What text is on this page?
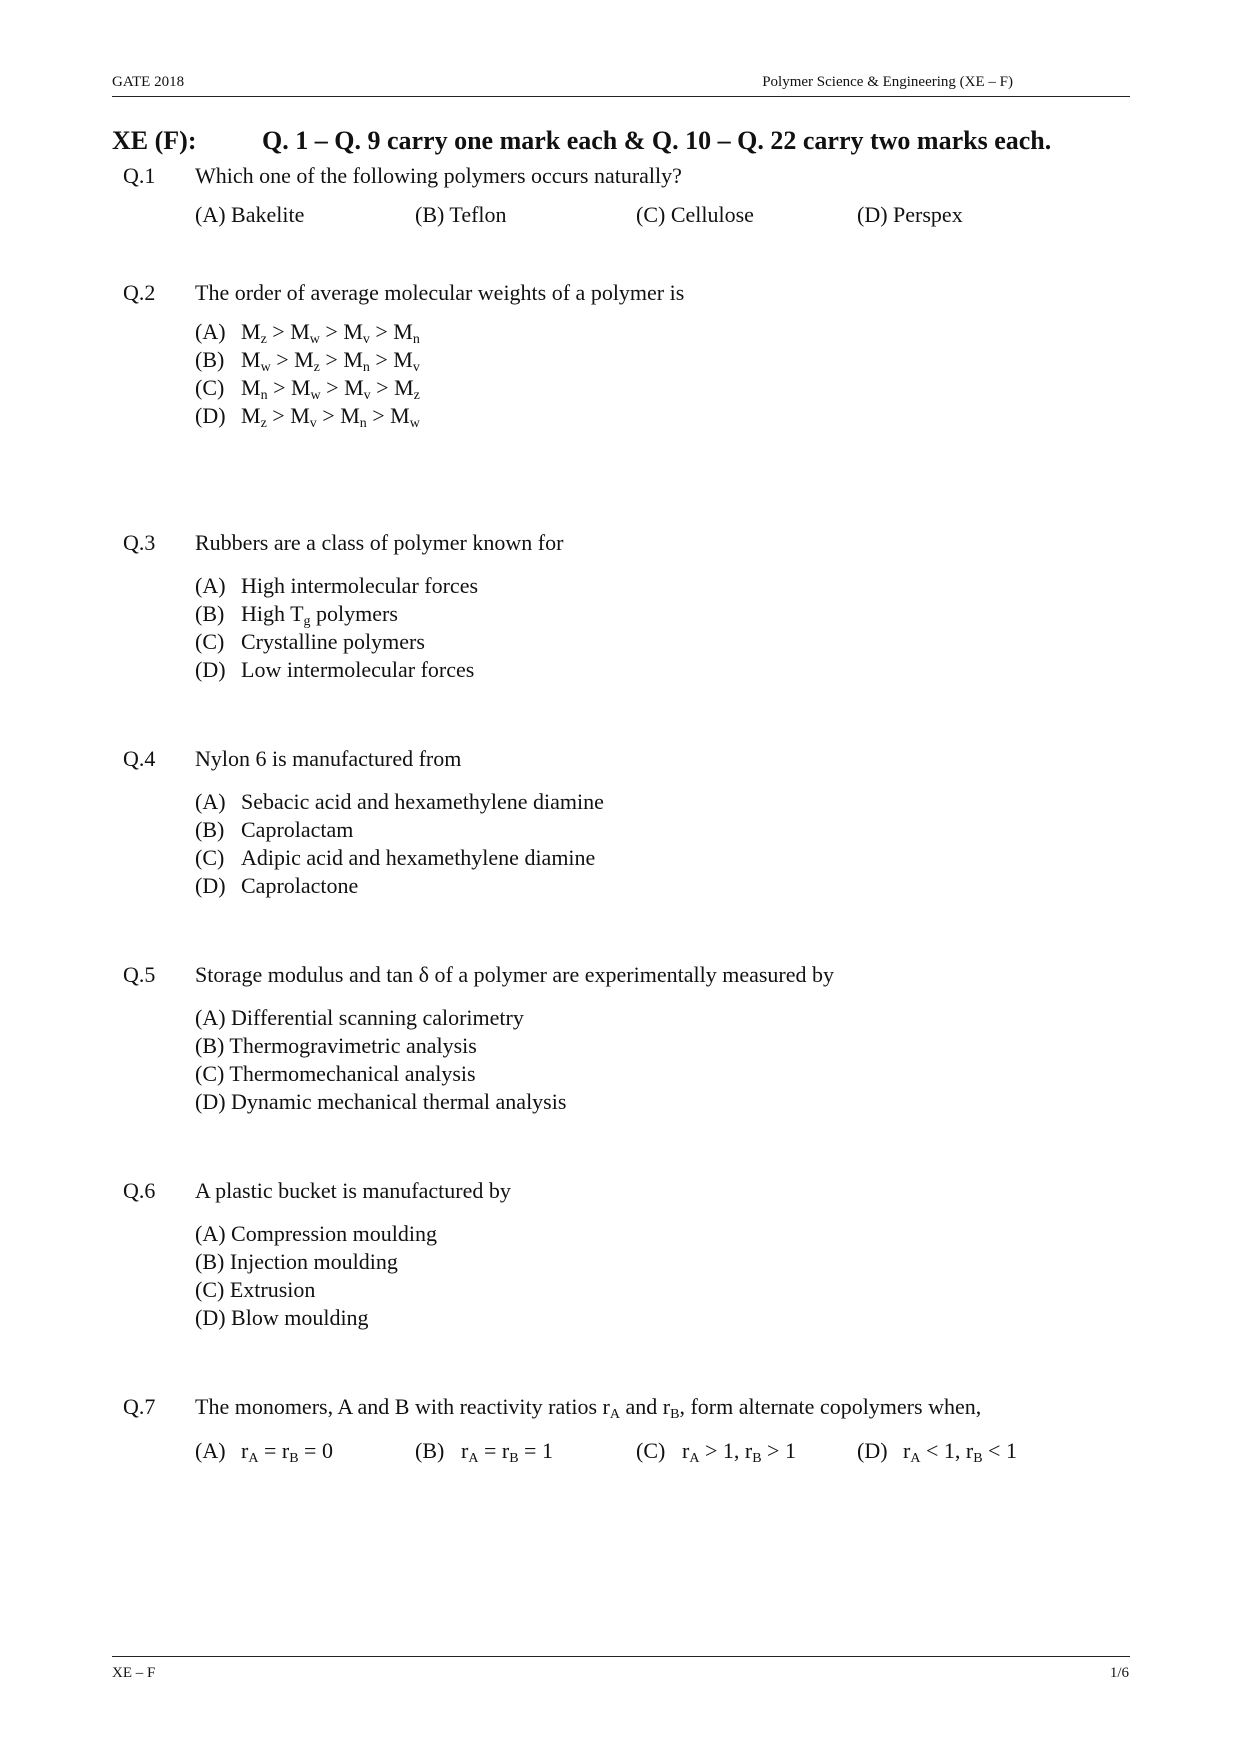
GATE 2018	Polymer Science & Engineering (XE – F)
XE (F):	Q. 1 – Q. 9 carry one mark each & Q. 10 – Q. 22 carry two marks each.
Q.1 Which one of the following polymers occurs naturally?
(A) Bakelite	(B) Teflon	(C) Cellulose	(D) Perspex
Q.2 The order of average molecular weights of a polymer is
(A) $M_z > M_w > M_v > M_n$
(B) $M_w > M_z > M_n > M_v$
(C) $M_n > M_w > M_v > M_z$
(D) $M_z > M_v > M_n > M_w$
Q.3 Rubbers are a class of polymer known for
(A) High intermolecular forces
(B) High $T_g$ polymers
(C) Crystalline polymers
(D) Low intermolecular forces
Q.4 Nylon 6 is manufactured from
(A) Sebacic acid and hexamethylene diamine
(B) Caprolactam
(C) Adipic acid and hexamethylene diamine
(D) Caprolactone
Q.5 Storage modulus and tan δ of a polymer are experimentally measured by
(A) Differential scanning calorimetry
(B) Thermogravimetric analysis
(C) Thermomechanical analysis
(D) Dynamic mechanical thermal analysis
Q.6 A plastic bucket is manufactured by
(A) Compression moulding
(B) Injection moulding
(C) Extrusion
(D) Blow moulding
Q.7 The monomers, A and B with reactivity ratios $r_A$ and $r_B$, form alternate copolymers when,
(A) $r_A = r_B = 0$	(B) $r_A = r_B = 1$	(C) $r_A > 1$, $r_B > 1$	(D) $r_A < 1$, $r_B < 1$
XE – F	1/6
